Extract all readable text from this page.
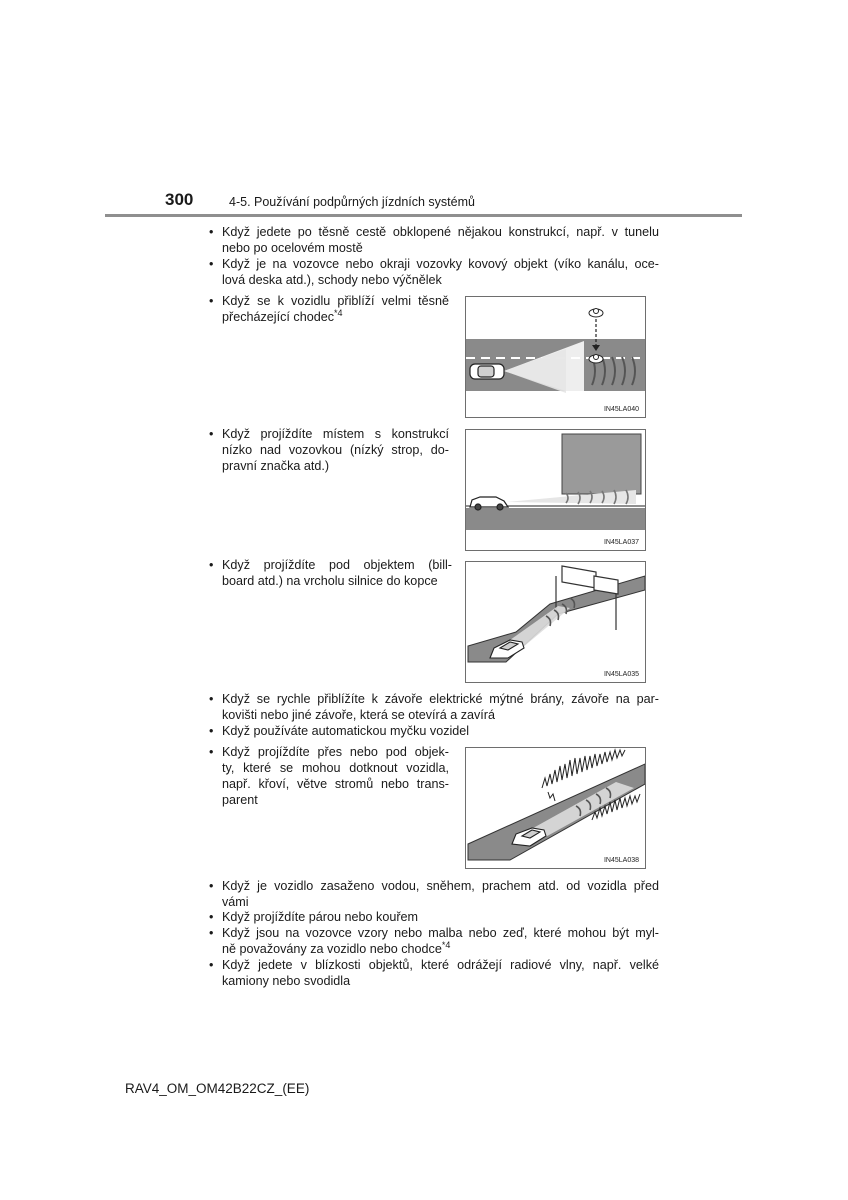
300	4-5. Používání podpůrných jízdních systémů
• Když jedete po těsně cestě obklopené nějakou konstrukcí, např. v tunelu
nebo po ocelovém mostě
• Když je na vozovce nebo okraji vozovky kovový objekt (víko kanálu, oce-
lová deska atd.), schody nebo výčnělek
• Když se k vozidlu přiblíží velmi těsně
přecházející chodec$^{*4}$
IN45LA040
• Když projíždíte místem s konstrukcí
nízko nad vozovkou (nízký strop, do-
pravní značka atd.)
IN45LA037
• Když projíždíte pod objektem (bill-
board atd.) na vrcholu silnice do kopce
IN45LA035
• Když se rychle přiblížíte k závoře elektrické mýtné brány, závoře na par-
kovišti nebo jiné závoře, která se otevírá a zavírá
• Když používáte automatickou myčku vozidel
• Když projíždíte přes nebo pod objek-
ty, které se mohou dotknout vozidla,
např. křoví, větve stromů nebo trans-
parent
IN45LA038
• Když je vozidlo zasaženo vodou, sněhem, prachem atd. od vozidla před
vámi
• Když projíždíte párou nebo kouřem
• Když jsou na vozovce vzory nebo malba nebo zeď, které mohou být myl-
ně považovány za vozidlo nebo chodce$^{*4}$
• Když jedete v blízkosti objektů, které odrážejí radiové vlny, např. velké
kamiony nebo svodidla
RAV4_OM_OM42B22CZ_(EE)
